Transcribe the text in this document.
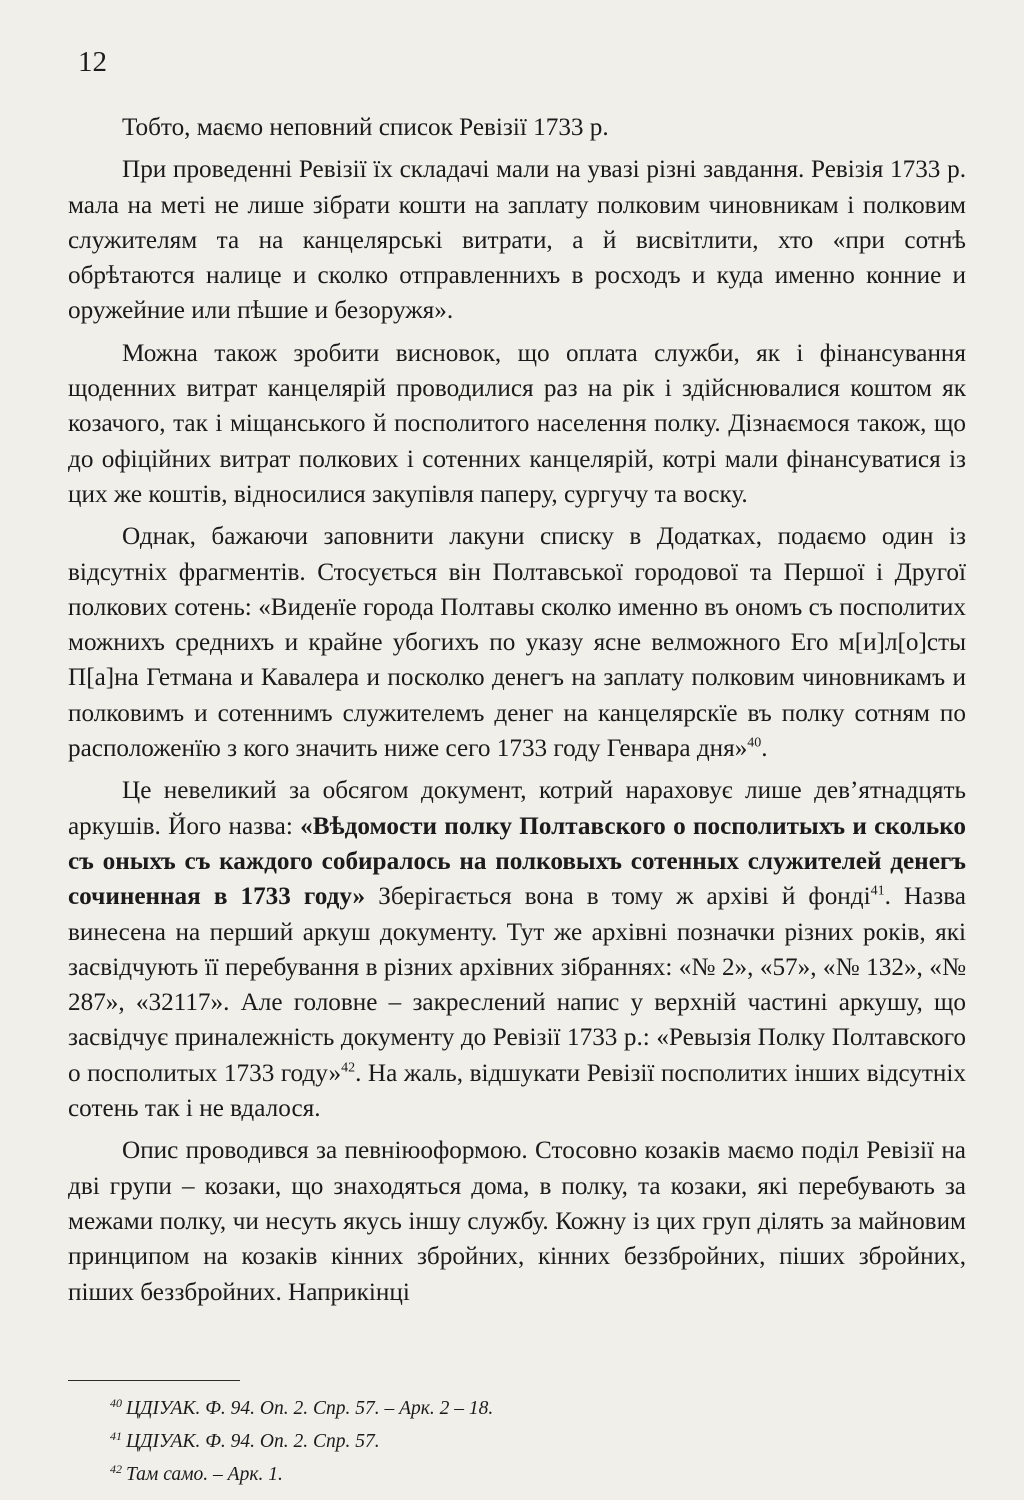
12

Тобто, маємо неповний список Ревізії 1733 р.

При проведенні Ревізії їх складачі мали на увазі різні завдання. Ревізія 1733 р. мала на меті не лише зібрати кошти на заплату полковим чиновникам і полковим служителям та на канцелярські витрати, а й висвітлити, хто «при сотнѣ обрѣтаются налице и сколко отправленнихъ в росходъ и куда именно конние и оружейние или пѣшие и безоружя».

Можна також зробити висновок, що оплата служби, як і фінансування щоденних витрат канцелярій проводилися раз на рік і здійснювалися коштом як козачого, так і міщанського й посполитого населення полку. Дізнаємося також, що до офіційних витрат полкових і сотенних канцелярій, котрі мали фінансуватися із цих же коштів, відносилися закупівля паперу, сургучу та воску.

Однак, бажаючи заповнити лакуни списку в Додатках, подаємо один із відсутніх фрагментів. Стосується він Полтавської городової та Першої і Другої полкових сотень: «Виденїе города Полтавы сколко именно въ ономъ съ посполитих можнихъ среднихъ и крайне убогихъ по указу ясне велможного Его м[и]л[о]сты П[а]на Гетмана и Кавалера и посколко денегъ на заплату полковим чиновникамъ и полковимъ и сотеннимъ служителемъ денег на канцелярскїе въ полку сотням по расположенїю з кого значить ниже сего 1733 году Генвара дня»$^{40}$.

Це невеликий за обсягом документ, котрий нараховує лише дев’ятнадцять аркушів. Його назва: «Вѣдомости полку Полтавского о посполитыхъ и сколько съ оныхъ съ каждого собиралось на полковыхъ сотенных служителей денегъ сочиненная в 1733 году» Зберігається вона в тому ж архіві й фонді$^{41}$. Назва винесена на перший аркуш документу. Тут же архівні позначки різних років, які засвідчують її перебування в різних архівних зібраннях: «№ 2», «57», «№ 132», «№ 287», «32117». Але головне – закреслений напис у верхній частині аркушу, що засвідчує приналежність документу до Ревізії 1733 р.: «Ревызія Полку Полтавского о посполитых 1733 году»$^{42}$. На жаль, відшукати Ревізії посполитих інших відсутніх сотень так і не вдалося.

Опис проводився за певніюоформою. Стосовно козаків маємо поділ Ревізії на дві групи – козаки, що знаходяться дома, в полку, та козаки, які перебувають за межами полку, чи несуть якусь іншу службу. Кожну із цих груп ділять за майновим принципом на козаків кінних збройних, кінних беззбройних, піших збройних, піших беззбройних. Наприкінці

$^{40}$ ЦДІУАК. Ф. 94. Оп. 2. Спр. 57. – Арк. 2 – 18.
$^{41}$ ЦДІУАК. Ф. 94. Оп. 2. Спр. 57.
$^{42}$ Там само. – Арк. 1.
